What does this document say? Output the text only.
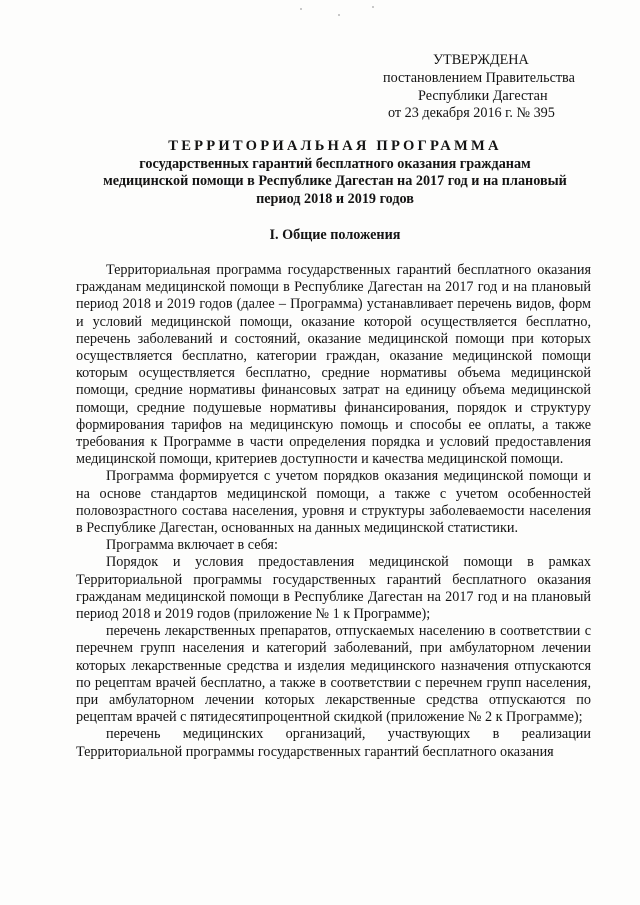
УТВЕРЖДЕНА
постановлением Правительства
Республики Дагестан
от 23 декабря 2016 г. № 395
ТЕРРИТОРИАЛЬНАЯ ПРОГРАММА
государственных гарантий бесплатного оказания гражданам
медицинской помощи в Республике Дагестан на 2017 год и на плановый
период 2018 и 2019 годов
I. Общие положения

Территориальная программа государственных гарантий бесплатного оказания гражданам медицинской помощи в Республике Дагестан на 2017 год и на плановый период 2018 и 2019 годов (далее – Программа) устанавливает перечень видов, форм и условий медицинской помощи, оказание которой осуществляется бесплатно, перечень заболеваний и состояний, оказание медицинской помощи при которых осуществляется бесплатно, категории граждан, оказание медицинской помощи которым осуществляется бесплатно, средние нормативы объема медицинской помощи, средние нормативы финансовых затрат на единицу объема медицинской помощи, средние подушевые нормативы финансирования, порядок и структуру формирования тарифов на медицинскую помощь и способы ее оплаты, а также требования к Программе в части определения порядка и условий предоставления медицинской помощи, критериев доступности и качества медицинской помощи.

Программа формируется с учетом порядков оказания медицинской помощи и на основе стандартов медицинской помощи, а также с учетом особенностей половозрастного состава населения, уровня и структуры заболеваемости населения в Республике Дагестан, основанных на данных медицинской статистики.

Программа включает в себя:

Порядок и условия предоставления медицинской помощи в рамках Территориальной программы государственных гарантий бесплатного оказания гражданам медицинской помощи в Республике Дагестан на 2017 год и на плановый период 2018 и 2019 годов (приложение № 1 к Программе);

перечень лекарственных препаратов, отпускаемых населению в соответствии с перечнем групп населения и категорий заболеваний, при амбулаторном лечении которых лекарственные средства и изделия медицинского назначения отпускаются по рецептам врачей бесплатно, а также в соответствии с перечнем групп населения, при амбулаторном лечении которых лекарственные средства отпускаются по рецептам врачей с пятидесятипроцентной скидкой (приложение № 2 к Программе);

перечень медицинских организаций, участвующих в реализации Территориальной программы государственных гарантий бесплатного оказания
